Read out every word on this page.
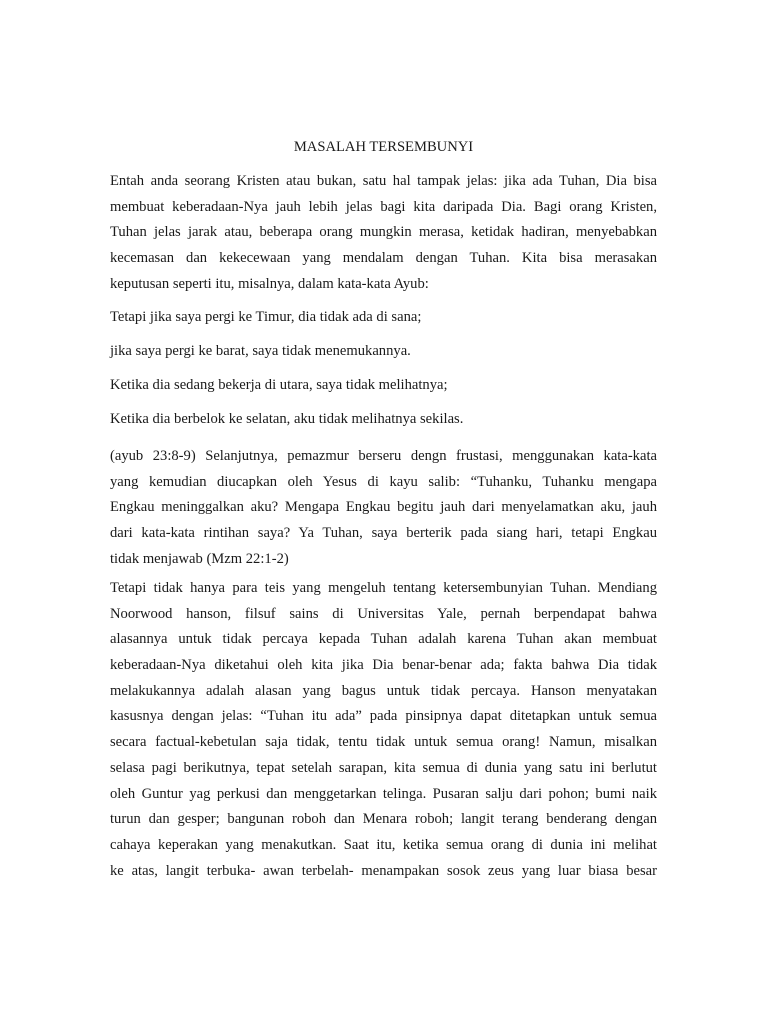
MASALAH TERSEMBUNYI
Entah anda seorang Kristen atau bukan, satu hal tampak jelas: jika ada Tuhan, Dia bisa
membuat keberadaan-Nya jauh lebih jelas bagi kita daripada Dia. Bagi orang Kristen,
Tuhan jelas jarak atau, beberapa orang mungkin merasa, ketidak hadiran, menyebabkan
kecemasan dan kekecewaan yang mendalam dengan Tuhan. Kita bisa merasakan
keputusan seperti itu, misalnya, dalam kata-kata Ayub:
Tetapi jika saya pergi ke Timur, dia tidak ada di sana;
jika saya pergi ke barat, saya tidak menemukannya.
Ketika dia sedang bekerja di utara, saya tidak melihatnya;
Ketika dia berbelok ke selatan, aku tidak melihatnya sekilas.
(ayub 23:8-9) Selanjutnya, pemazmur berseru dengn frustasi, menggunakan kata-kata
yang kemudian diucapkan oleh Yesus di kayu salib: “Tuhanku, Tuhanku mengapa
Engkau meninggalkan aku? Mengapa Engkau begitu jauh dari menyelamatkan aku, jauh
dari kata-kata rintihan saya? Ya Tuhan, saya berterik pada siang hari, tetapi Engkau
tidak menjawab (Mzm 22:1-2)
Tetapi tidak hanya para teis yang mengeluh tentang ketersembunyian Tuhan. Mendiang
Noorwood hanson, filsuf sains di Universitas Yale, pernah berpendapat bahwa
alasannya untuk tidak percaya kepada Tuhan adalah karena Tuhan akan membuat
keberadaan-Nya diketahui oleh kita jika Dia benar-benar ada; fakta bahwa Dia tidak
melakukannya adalah alasan yang bagus untuk tidak percaya. Hanson menyatakan
kasusnya dengan jelas: “Tuhan itu ada” pada pinsipnya dapat ditetapkan untuk semua
secara factual-kebetulan saja tidak, tentu tidak untuk semua orang! Namun, misalkan
selasa pagi berikutnya, tepat setelah sarapan, kita semua di dunia yang satu ini berlutut
oleh Guntur yag perkusi dan menggetarkan telinga. Pusaran salju dari pohon; bumi naik
turun dan gesper; bangunan roboh dan Menara roboh; langit terang benderang dengan
cahaya keperakan yang menakutkan. Saat itu, ketika semua orang di dunia ini melihat
ke atas, langit terbuka- awan terbelah- menampakan sosok zeus yang luar biasa besar
